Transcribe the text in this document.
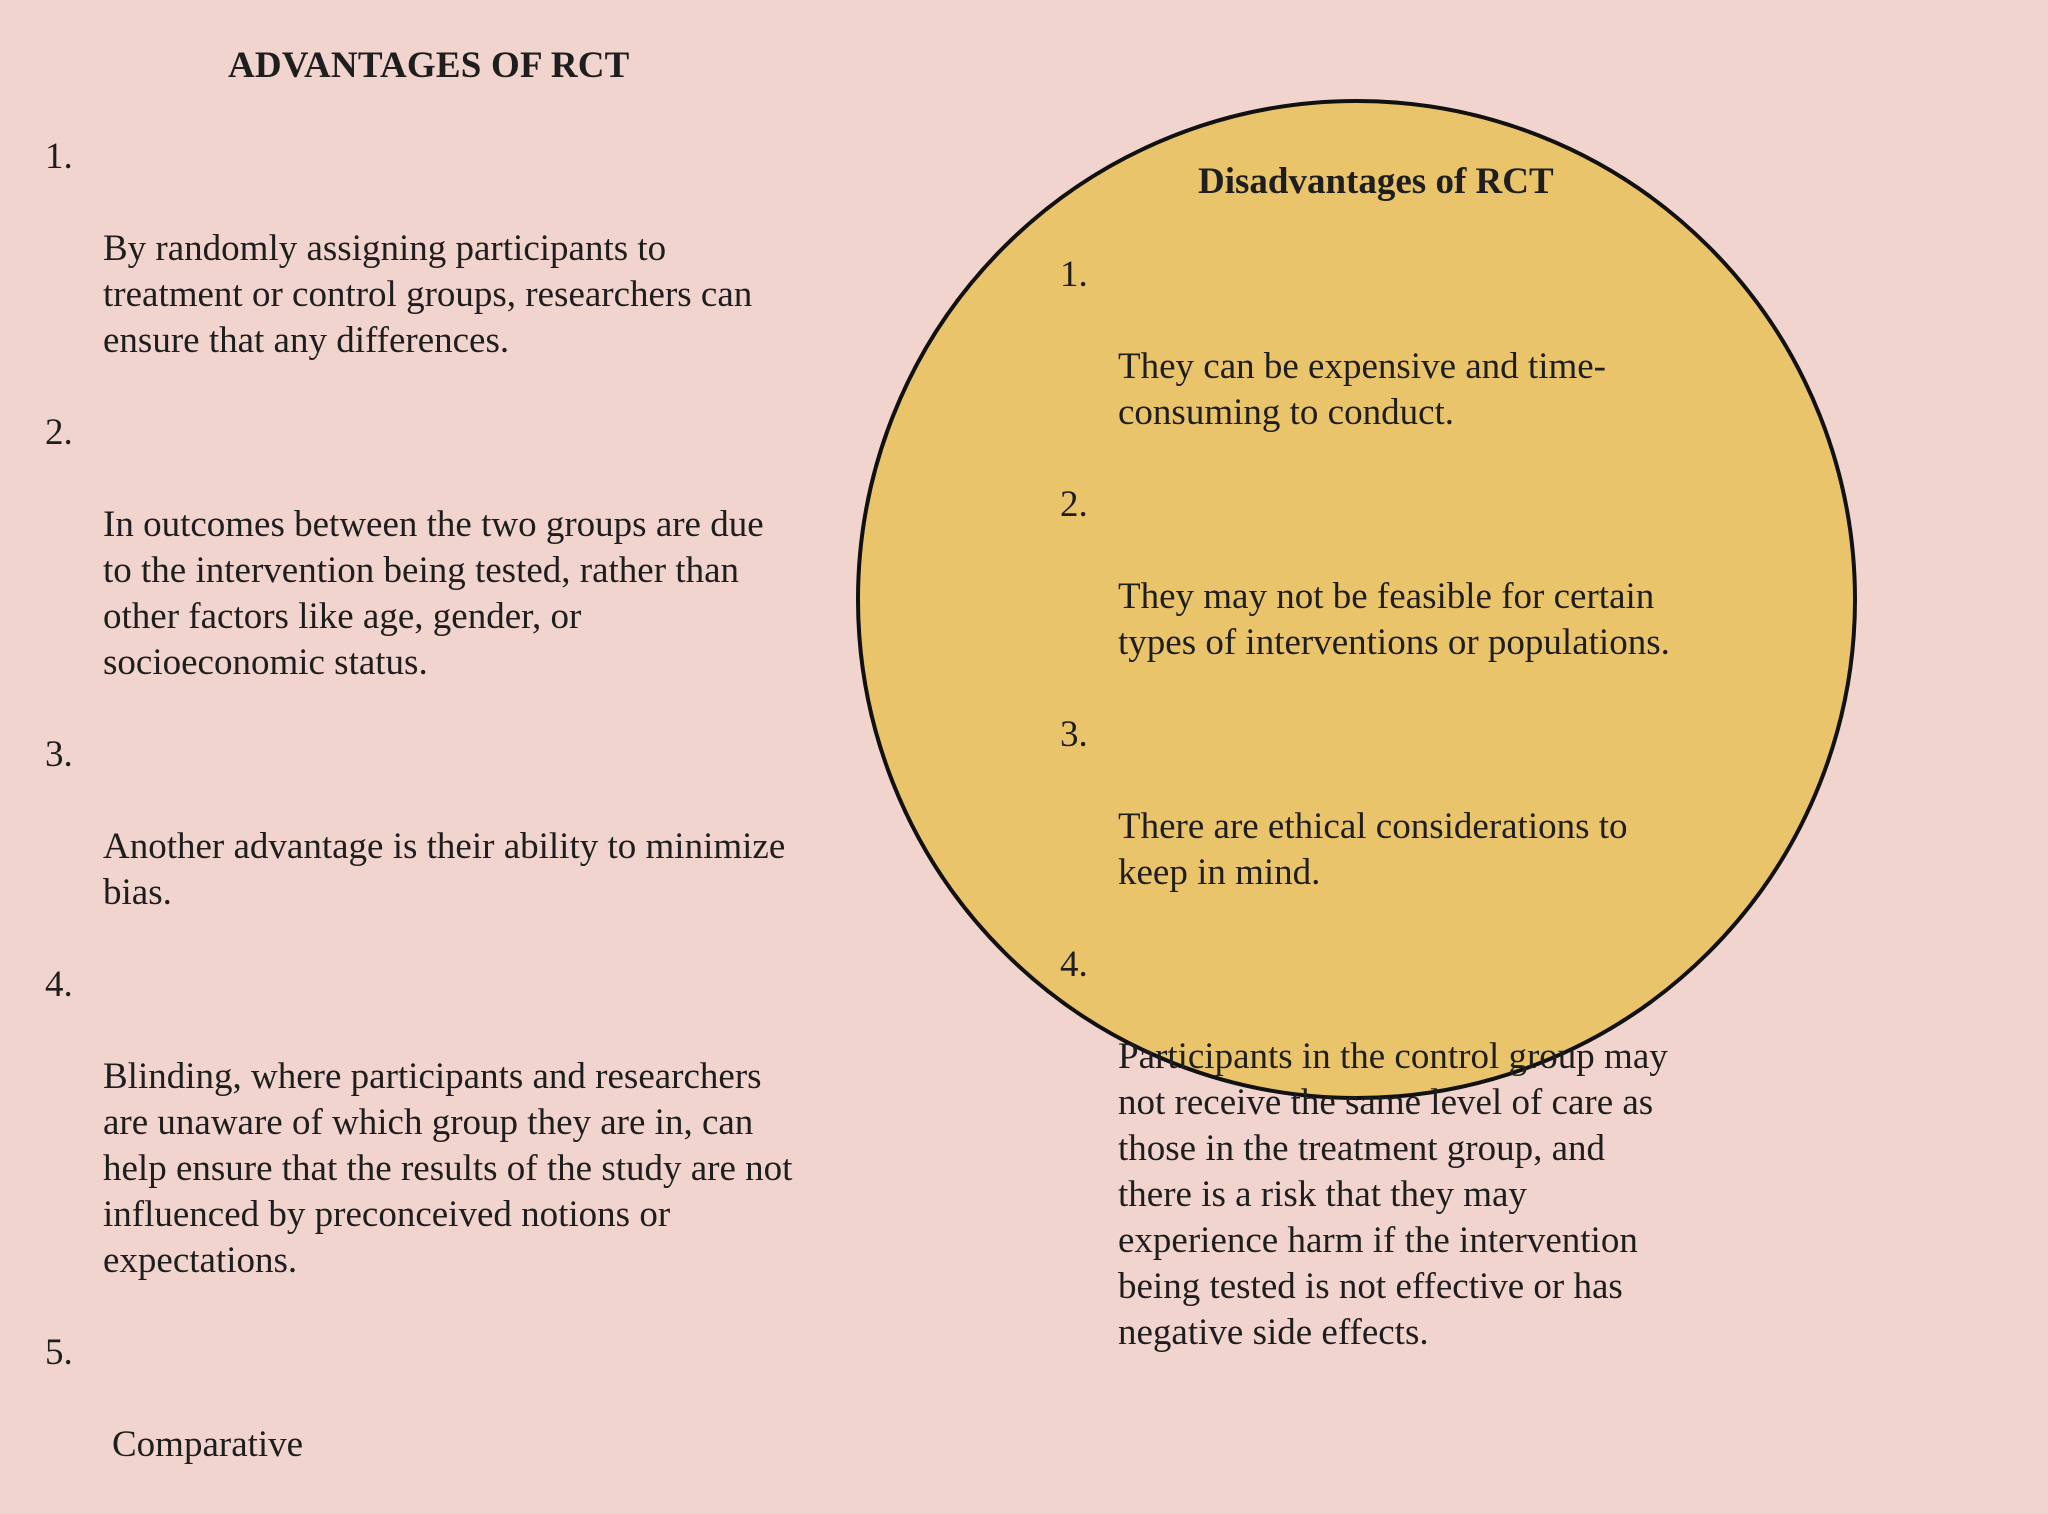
ADVANTAGES OF RCT

1.

By randomly assigning participants to
treatment or control groups, researchers can
ensure that any differences.

2.

In outcomes between the two groups are due
to the intervention being tested, rather than
other factors like age, gender, or
socioeconomic status.

3.

Another advantage is their ability to minimize
bias.

4.

Blinding, where participants and researchers
are unaware of which group they are in, can
help ensure that the results of the study are not
influenced by preconceived notions or
expectations.

5.

Comparative

Disadvantages of RCT

1.

They can be expensive and time-
consuming to conduct.

2.

They may not be feasible for certain
types of interventions or populations.

3.

There are ethical considerations to
keep in mind.

4.

Participants in the control group may
not receive the same level of care as
those in the treatment group, and
there is a risk that they may
experience harm if the intervention
being tested is not effective or has
negative side effects.
